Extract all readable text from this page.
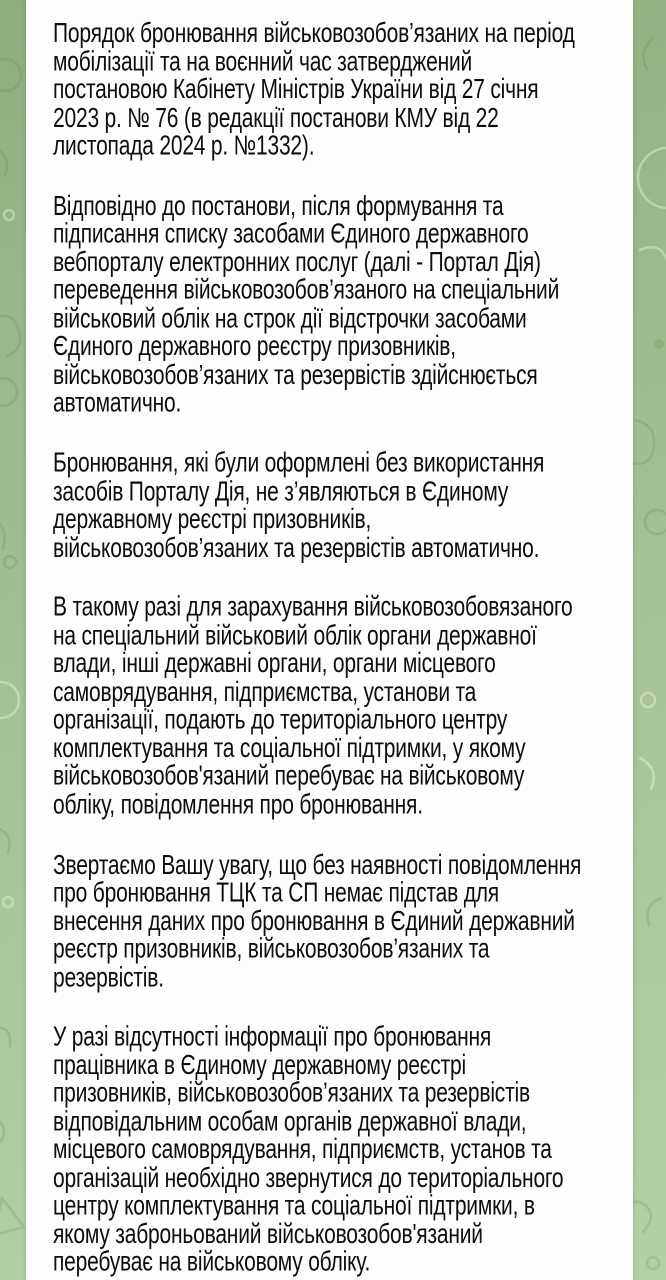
Порядок бронювання військовозобов’язаних на період
мобілізації та на воєнний час затверджений
постановою Кабінету Міністрів України від 27 січня
2023 р. № 76 (в редакції постанови КМУ від 22
листопада 2024 р. №1332).

Відповідно до постанови, після формування та
підписання списку засобами Єдиного державного
вебпорталу електронних послуг (далі - Портал Дія)
переведення військовозобов’язаного на спеціальний
військовий облік на строк дії відстрочки засобами
Єдиного державного реєстру призовників,
військовозобов’язаних та резервістів здійснюється
автоматично.

Бронювання, які були оформлені без використання
засобів Порталу Дія, не з’являються в Єдиному
державному реєстрі призовників,
військовозобов’язаних та резервістів автоматично.

В такому разі для зарахування військовозобовязаного
на спеціальний військовий облік органи державної
влади, інші державні органи, органи місцевого
самоврядування, підприємства, установи та
організації, подають до територіального центру
комплектування та соціальної підтримки, у якому
військовозобов'язаний перебуває на військовому
обліку, повідомлення про бронювання.

Звертаємо Вашу увагу, що без наявності повідомлення
про бронювання ТЦК та СП немає підстав для
внесення даних про бронювання в Єдиний державний
реєстр призовників, військовозобов’язаних та
резервістів.

У разі відсутності інформації про бронювання
працівника в Єдиному державному реєстрі
призовників, військовозобов’язаних та резервістів
відповідальним особам органів державної влади,
місцевого самоврядування, підприємств, установ та
організацій необхідно звернутися до територіального
центру комплектування та соціальної підтримки, в
якому заброньований військовозобов'язаний
перебуває на військовому обліку.
